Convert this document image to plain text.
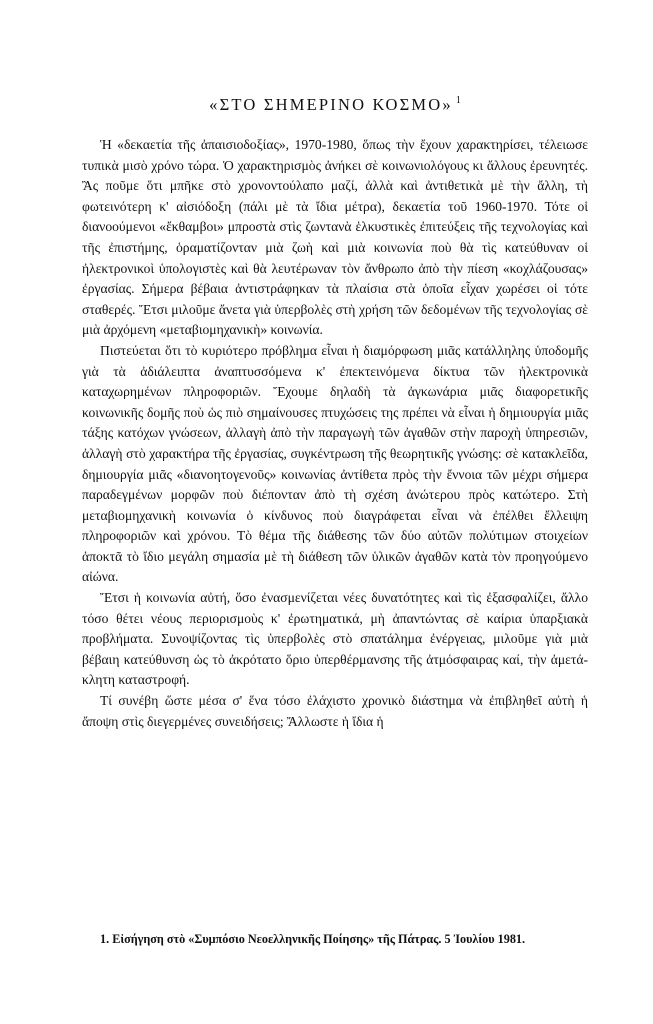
«ΣΤΟ ΣΗΜΕΡΙΝΟ ΚΟΣΜΟ» $^1$

Ἡ «δεκαετία τῆς ἀπαισιοδοξίας», 1970-1980, ὅπως τὴν ἔχουν χαρακτηρίσει, τέλειωσε τυπικὰ μισὸ χρόνο τώρα. Ὁ χαρακτηρισμὸς ἀνήκει σὲ κοινωνιολόγους κι ἄλλους ἐρευνητές. Ἂς ποῦμε ὅτι μπῆκε στὸ χρονοντούλαπο μαζί, ἀλλὰ καὶ ἀντιθετικὰ μὲ τὴν ἄλλη, τὴ φωτεινότερη κ' αἰσιόδοξη (πάλι μὲ τὰ ἴδια μέτρα), δεκαετία τοῦ 1960-1970. Τότε οἱ διανοούμενοι «ἔκθαμβοι» μπροστὰ στὶς ζωντανὰ ἑλκυστικὲς ἐπιτεύξεις τῆς τεχνολογίας καὶ τῆς ἐπιστήμης, ὁραματίζονταν μιὰ ζωὴ καὶ μιὰ κοινωνία ποὺ θὰ τὶς κατεύθυναν οἱ ἠλεκτρονικοὶ ὑπολογιστὲς καὶ θὰ λευτέρωναν τὸν ἄνθρωπο ἀπὸ τὴν πίεση «κοχλάζουσας» ἐργασίας. Σήμερα βέβαια ἀντιστράφηκαν τὰ πλαίσια στὰ ὁποῖα εἶχαν χωρέσει οἱ τότε σταθερές. Ἔτσι μιλοῦμε ἄνετα γιὰ ὑπερβολὲς στὴ χρήση τῶν δεδομένων τῆς τεχνολογίας σὲ μιὰ ἀρχόμενη «μεταβιομηχανικὴ» κοινωνία.

Πιστεύεται ὅτι τὸ κυριότερο πρόβλημα εἶναι ἡ διαμόρφωση μιᾶς κατάλληλης ὑποδομῆς γιὰ τὰ ἀδιάλειπτα ἀναπτυσσόμενα κ' ἐπεκτεινόμενα δίκτυα τῶν ἠλεκτρονικὰ καταχωρημένων πληροφοριῶν. Ἔχουμε δηλαδὴ τὰ ἀγκωνάρια μιᾶς διαφορετικῆς κοινωνικῆς δομῆς ποὺ ὡς πιὸ σημαίνουσες πτυχώσεις της πρέπει νὰ εἶναι ἡ δημιουργία μιᾶς τάξης κατόχων γνώσεων, ἀλλαγὴ ἀπὸ τὴν παραγωγὴ τῶν ἀγαθῶν στὴν παροχὴ ὑπηρεσιῶν, ἀλλαγὴ στὸ χαρακτήρα τῆς ἐργασίας, συγκέντρωση τῆς θεωρητικῆς γνώσης: σὲ κατακλεῖδα, δημιουργία μιᾶς «διανοητογενοῦς» κοινωνίας ἀντίθετα πρὸς τὴν ἔννοια τῶν μέχρι σήμερα παραδεγμένων μορφῶν ποὺ διέπονταν ἀπὸ τὴ σχέση ἀνώτερου πρὸς κατώτερο. Στὴ μεταβιομηχανικὴ κοινωνία ὁ κίνδυνος ποὺ διαγράφεται εἶναι νὰ ἐπέλθει ἔλλειψη πληροφοριῶν καὶ χρόνου. Τὸ θέμα τῆς διάθεσης τῶν δύο αὐτῶν πολύτιμων στοιχείων ἀποκτᾶ τὸ ἴδιο μεγάλη σημασία μὲ τὴ διάθεση τῶν ὑλικῶν ἀγαθῶν κατὰ τὸν προηγούμενο αἰώνα.

Ἔτσι ἡ κοινωνία αὐτή, ὅσο ἐνασμενίζεται νέες δυνατότητες καὶ τὶς ἐξασφαλίζει, ἄλλο τόσο θέτει νέους περιορισμοὺς κ' ἐρωτηματικά, μὴ ἀπαντώντας σὲ καίρια ὑπαρξιακὰ προβλήματα. Συνοψίζοντας τὶς ὑπερβολὲς στὸ σπατάλημα ἐνέργειας, μιλοῦμε γιὰ μιὰ βέβαιη κατεύθυνση ὡς τὸ ἀκρότατο ὅριο ὑπερθέρμανσης τῆς ἀτμόσφαιρας καί, τὴν ἀμετάκλητη καταστροφή.

Τί συνέβη ὥστε μέσα σ' ἕνα τόσο ἐλάχιστο χρονικὸ διάστημα νὰ ἐπιβληθεῖ αὐτὴ ἡ ἄποψη στὶς διεγερμένες συνειδήσεις; Ἄλλωστε ἡ ἴδια ἡ

1. Εἰσήγηση στὸ «Συμπόσιο Νεοελληνικῆς Ποίησης» τῆς Πάτρας. 5 Ἰουλίου 1981.
